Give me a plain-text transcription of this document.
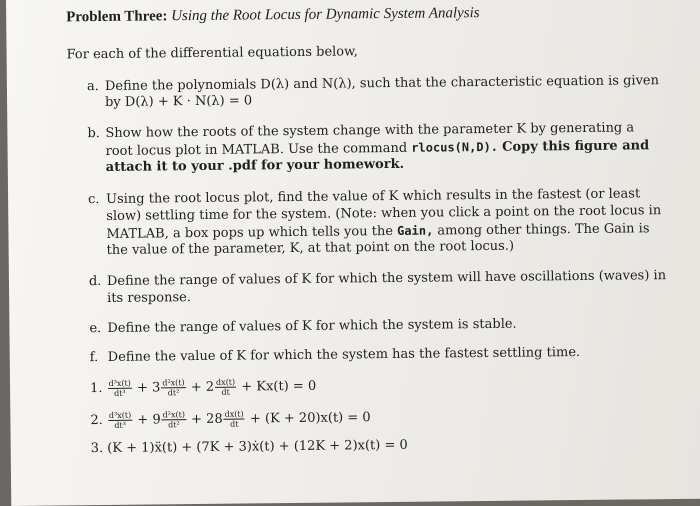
Problem Three: Using the Root Locus for Dynamic System Analysis
For each of the differential equations below,
a. Define the polynomials D(λ) and N(λ), such that the characteristic equation is given
by D(λ) + K · N(λ) = 0
b. Show how the roots of the system change with the parameter K by generating a
root locus plot in MATLAB. Use the command rlocus(N,D). Copy this figure and
attach it to your .pdf for your homework.
c. Using the root locus plot, find the value of K which results in the fastest (or least
slow) settling time for the system. (Note: when you click a point on the root locus in
MATLAB, a box pops up which tells you the Gain, among other things. The Gain is
the value of the parameter, K, at that point on the root locus.)
d. Define the range of values of K for which the system will have oscillations (waves) in
its response.
e. Define the range of values of K for which the system is stable.
f. Define the value of K for which the system has the fastest settling time.
1. $\frac{\text{d³x(t)}}{\text{dt³}} + 3 \frac{\text{d²x(t)}}{\text{dt²}} + 2 \frac{dx(t)}{dt} + Kx(t) = 0$
2. $\frac{\text{d³x(t)}}{\text{dt³}} + 9 \frac{\text{d²x(t)}}{\text{dt²}} + 28 \frac{dx(t)}{dt} + (K + 20)x(t) = 0$
3. (K + 1)ẍ(t) + (7K + 3)ẋ(t) + (12K + 2)x(t) = 0
